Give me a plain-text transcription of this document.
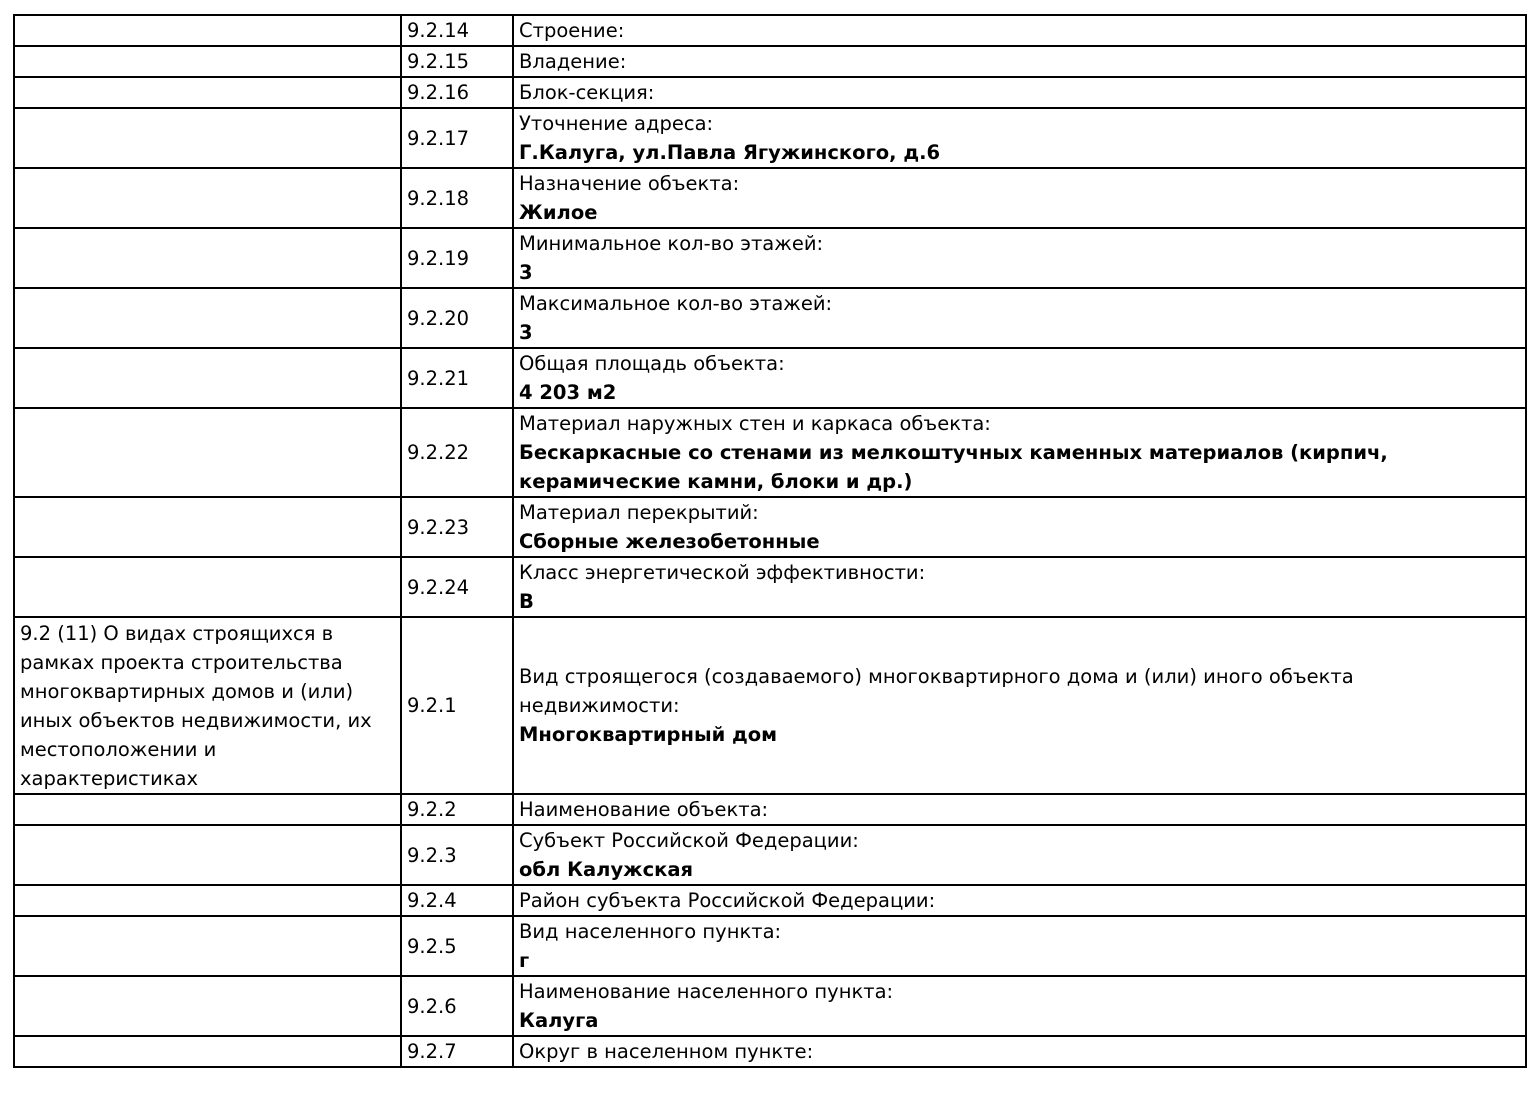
	9.2.14	Строение:

	9.2.15	Владение:

	9.2.16	Блок-секция:

	9.2.17	Уточнение адреса:
Г.Калуга, ул.Павла Ягужинского, д.6

	9.2.18	Назначение объекта:
Жилое

	9.2.19	Минимальное кол-во этажей:
3

	9.2.20	Максимальное кол-во этажей:
3

	9.2.21	Общая площадь объекта:
4 203 м2

	9.2.22	Материал наружных стен и каркаса объекта:
Бескаркасные со стенами из мелкоштучных каменных материалов (кирпич, керамические камни, блоки и др.)

	9.2.23	Материал перекрытий:
Сборные железобетонные

	9.2.24	Класс энергетической эффективности:
В

9.2 (11) О видах строящихся в рамках проекта строительства многоквартирных домов и (или) иных объектов недвижимости, их местоположении и характеристиках	9.2.1	Вид строящегося (создаваемого) многоквартирного дома и (или) иного объекта недвижимости:
Многоквартирный дом

	9.2.2	Наименование объекта:

	9.2.3	Субъект Российской Федерации:
обл Калужская

	9.2.4	Район субъекта Российской Федерации:

	9.2.5	Вид населенного пункта:
г

	9.2.6	Наименование населенного пункта:
Калуга

	9.2.7	Округ в населенном пункте:
